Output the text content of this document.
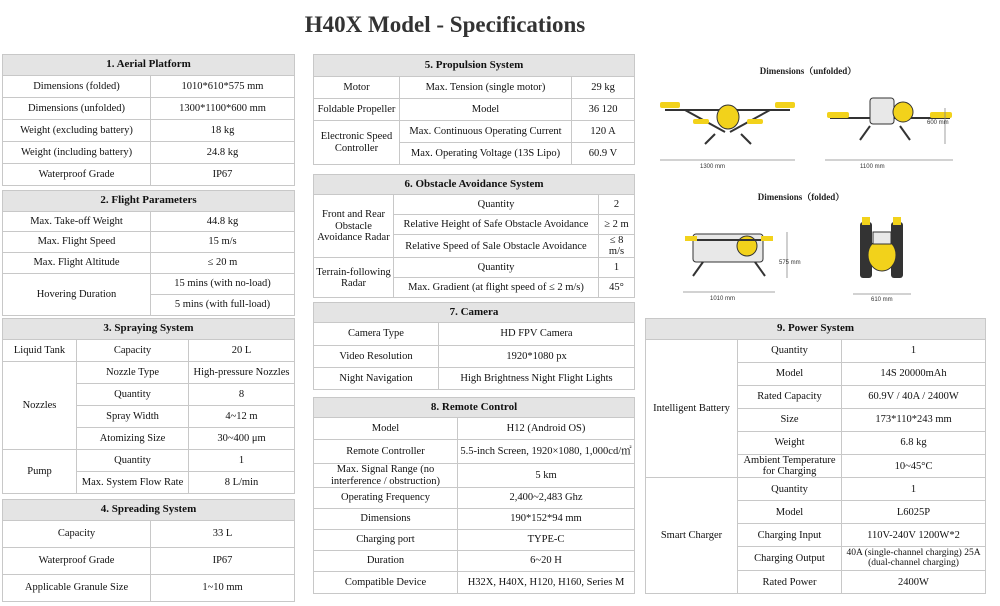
H40X Model - Specifications
1. Aerial Platform	
Dimensions (folded)	1010*610*575 mm
Dimensions (unfolded)	1300*1100*600 mm
Weight (excluding battery)	18 kg
Weight (including battery)	24.8 kg
Waterproof Grade	IP67
2. Flight Parameters	
Max. Take-off Weight	44.8 kg
Max. Flight Speed	15 m/s
Max. Flight Altitude	≤ 20 m
Hovering Duration	15 mins (with no-load)
	5 mins (with full-load)
3. Spraying System		
Liquid Tank	Capacity	20 L
Nozzles	Nozzle Type	High-pressure Nozzles
	Quantity	8
	Spray Width	4~12 m
	Atomizing Size	30~400 μm
Pump	Quantity	1
	Max. System Flow Rate	8 L/min
4. Spreading System	
Capacity	33 L
Waterproof Grade	IP67
Applicable Granule Size	1~10 mm
5. Propulsion System		
Motor	Max. Tension (single motor)	29 kg
Foldable Propeller	Model	36 120
Electronic Speed Controller	Max. Continuous Operating Current	120 A
	Max. Operating Voltage (13S Lipo)	60.9 V
6. Obstacle Avoidance System		
Front and Rear Obstacle Avoidance Radar	Quantity	2
	Relative Height of Safe Obstacle Avoidance	≥ 2 m
	Relative Speed of Sale Obstacle Avoidance	≤ 8 m/s
Terrain-following Radar	Quantity	1
	Max. Gradient (at flight speed of ≤ 2 m/s)	45°
7. Camera	
Camera Type	HD FPV Camera
Video Resolution	1920*1080 px
Night Navigation	High Brightness Night Flight Lights
8. Remote Control	
Model	H12 (Android OS)
Remote Controller	5.5-inch Screen, 1920×1080, 1,000cd/㎡
Max. Signal Range (no interference / obstruction)	5 km
Operating Frequency	2,400~2,483 Ghz
Dimensions	190*152*94 mm
Charging port	TYPE-C
Duration	6~20 H
Compatible Device	H32X, H40X, H120, H160, Series M
9. Power System		
Intelligent Battery	Quantity	1
	Model	14S 20000mAh
	Rated Capacity	60.9V / 40A / 2400W
	Size	173*110*243 mm
	Weight	6.8 kg
	Ambient Temperature for Charging	10~45°C
Smart Charger	Quantity	1
	Model	L6025P
	Charging Input	110V-240V 1200W*2
	Charging Output	40A (single-channel charging) 25A (dual-channel charging)
	Rated Power	2400W
Dimensions（unfolded）
Dimensions（folded）
1300 mm	1100 mm
600 mm
1010 mm	610 mm
575 mm
